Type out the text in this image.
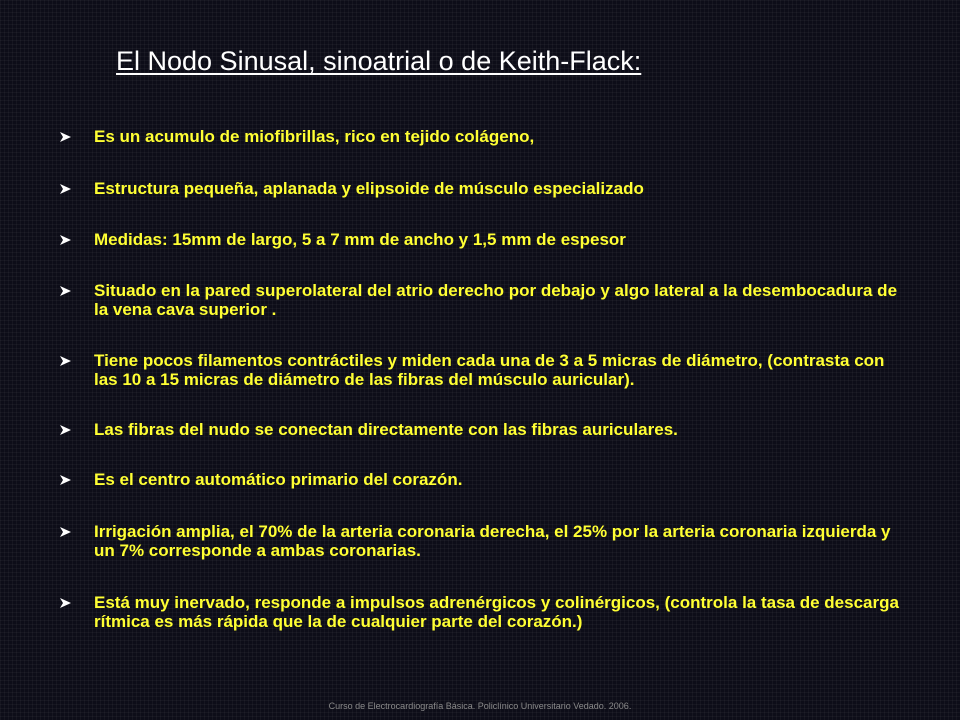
El Nodo Sinusal, sinoatrial o de Keith-Flack:
Es un acumulo de miofibrillas, rico en tejido colágeno,
Estructura pequeña, aplanada y elipsoide de músculo especializado
Medidas: 15mm de largo, 5 a 7 mm de ancho y 1,5 mm de espesor
Situado en la pared superolateral del atrio derecho por debajo y algo lateral a la desembocadura de la vena cava superior .
Tiene pocos filamentos contráctiles y miden cada una de 3 a 5 micras de diámetro, (contrasta con las 10 a 15 micras de diámetro de las fibras del músculo auricular).
Las fibras del nudo se conectan directamente con las fibras auriculares.
Es el centro automático primario del corazón.
Irrigación amplia, el 70% de la arteria coronaria derecha, el 25% por la arteria coronaria izquierda y un 7% corresponde a ambas coronarias.
Está muy inervado, responde a impulsos adrenérgicos y colinérgicos, (controla la tasa de descarga rítmica es más rápida que la de cualquier parte del corazón.)
Curso de Electrocardiografía Básica. Policlínico Universitario Vedado. 2006.
